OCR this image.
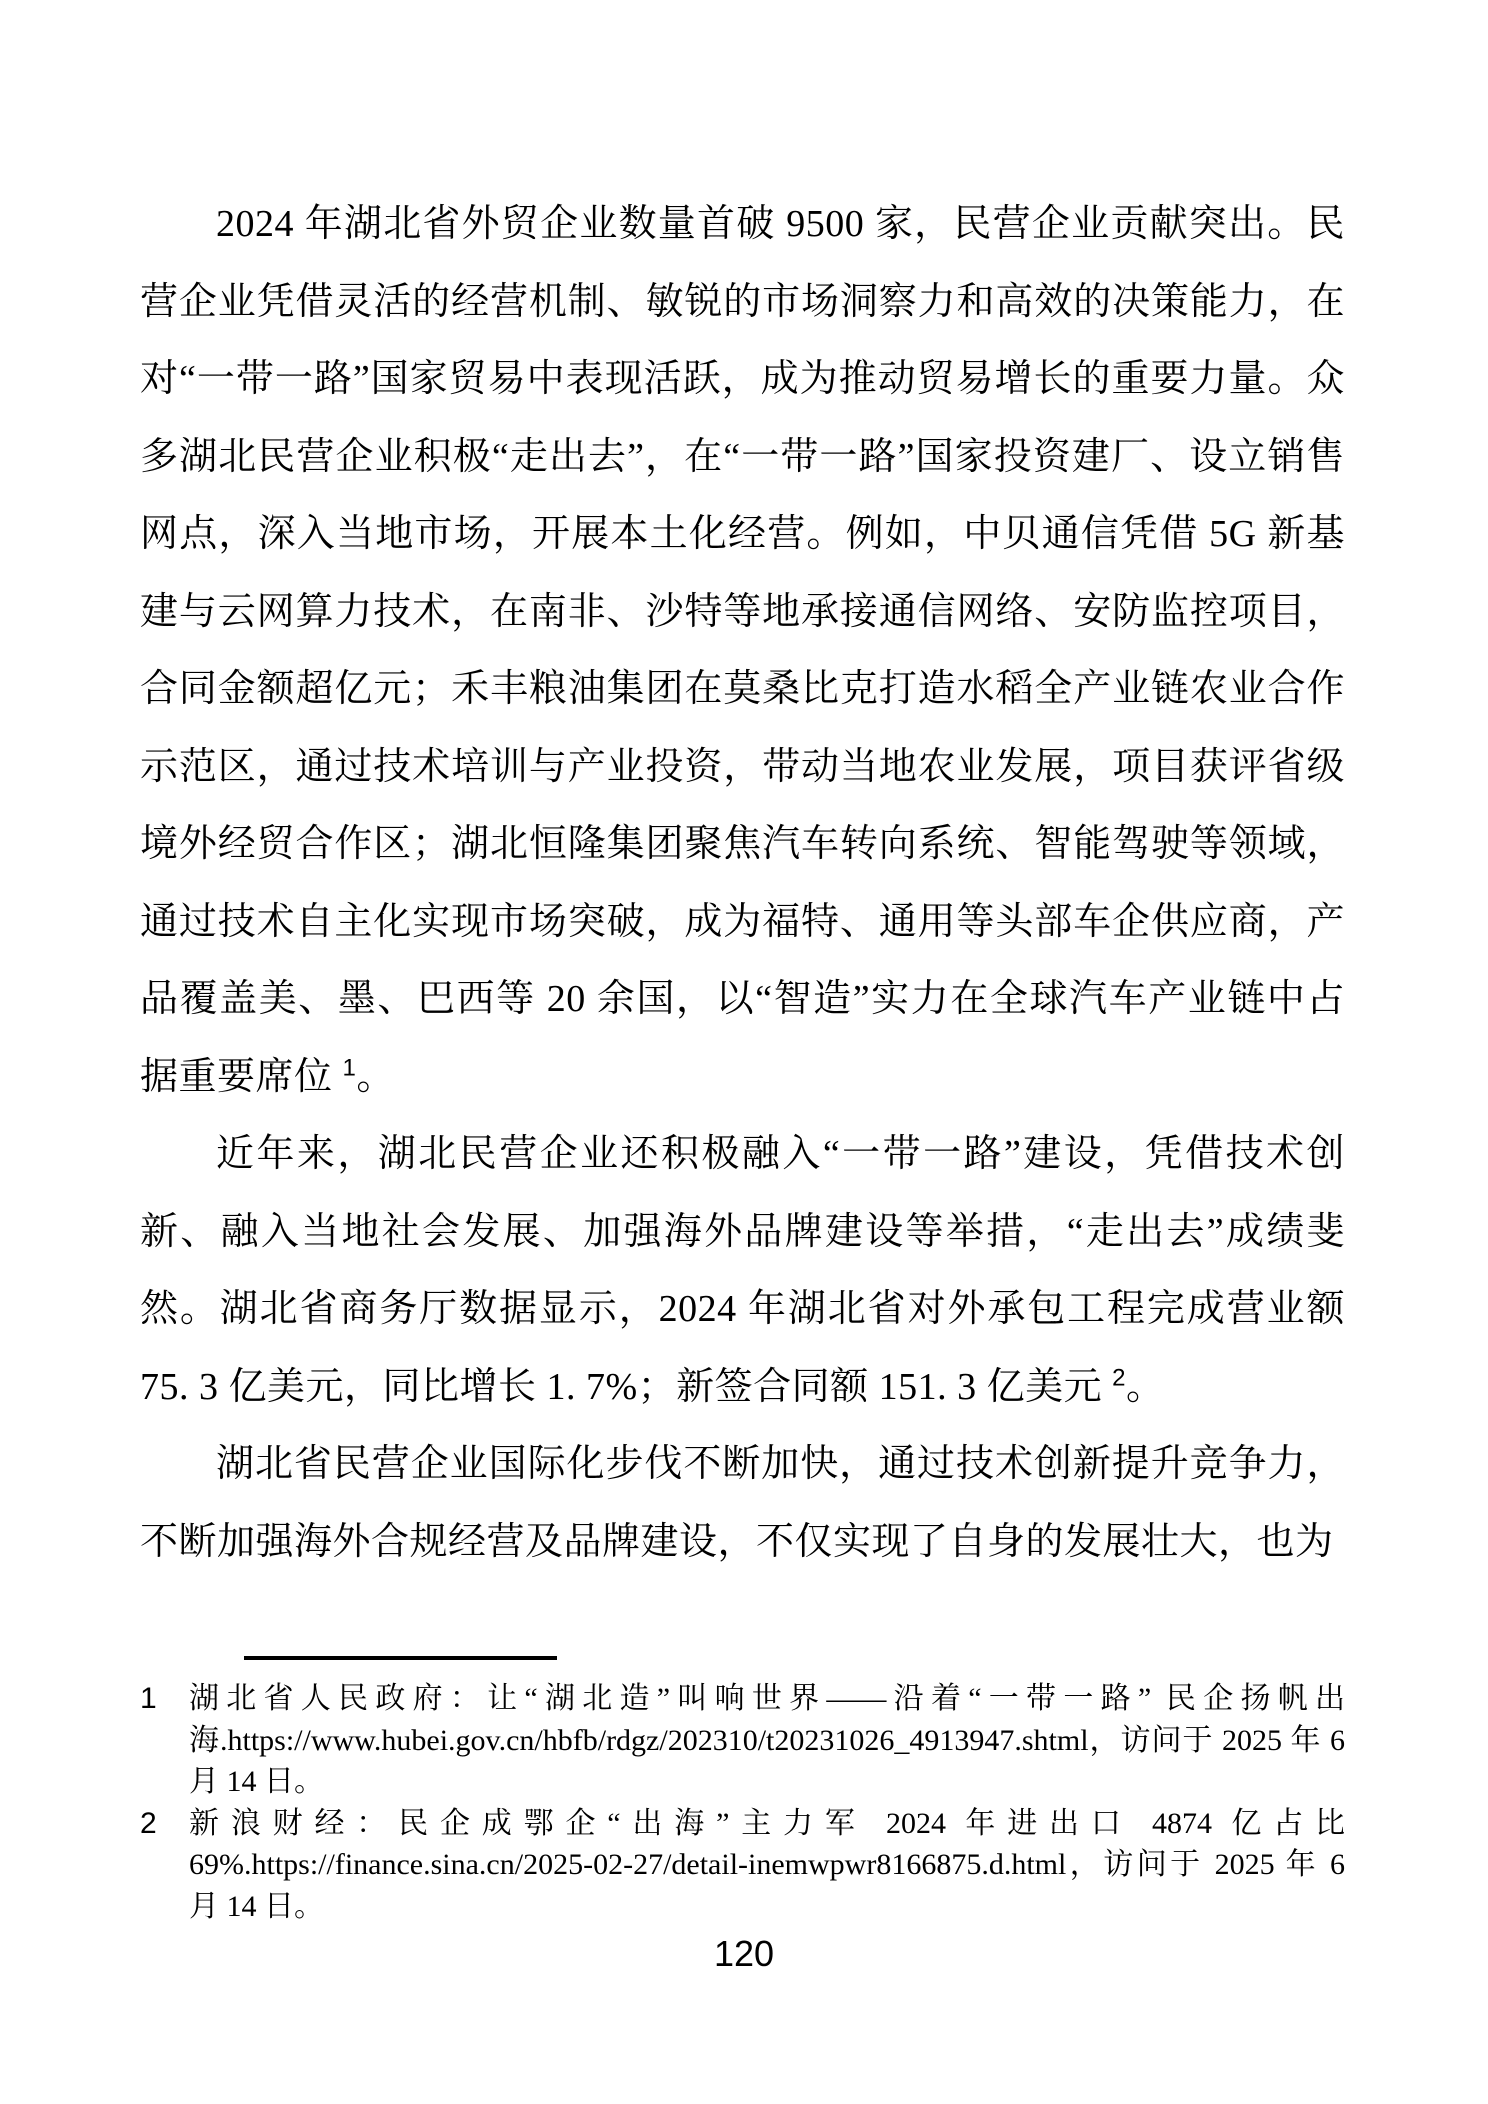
2024 年湖北省外贸企业数量首破 9500 家，民营企业贡献突出。民营企业凭借灵活的经营机制、敏锐的市场洞察力和高效的决策能力，在对“一带一路”国家贸易中表现活跃，成为推动贸易增长的重要力量。众多湖北民营企业积极“走出去”，在“一带一路”国家投资建厂、设立销售网点，深入当地市场，开展本土化经营。例如，中贝通信凭借 5G 新基建与云网算力技术，在南非、沙特等地承接通信网络、安防监控项目，合同金额超亿元；禾丰粮油集团在莫桑比克打造水稻全产业链农业合作示范区，通过技术培训与产业投资，带动当地农业发展，项目获评省级境外经贸合作区；湖北恒隆集团聚焦汽车转向系统、智能驾驶等领域，通过技术自主化实现市场突破，成为福特、通用等头部车企供应商，产品覆盖美、墨、巴西等 20 余国，以“智造”实力在全球汽车产业链中占据重要席位 $^1$。

近年来，湖北民营企业还积极融入“一带一路”建设，凭借技术创新、融入当地社会发展、加强海外品牌建设等举措，“走出去”成绩斐然。湖北省商务厅数据显示，2024 年湖北省对外承包工程完成营业额 75. 3 亿美元，同比增长 1. 7%；新签合同额 151. 3 亿美元 $^2$。

湖北省民营企业国际化步伐不断加快，通过技术创新提升竞争力，不断加强海外合规经营及品牌建设，不仅实现了自身的发展壮大，也为

1	湖北省人民政府：让“湖北造”叫响世界——沿着“一带一路” 民企扬帆出海.https://www.hubei.gov.cn/hbfb/rdgz/202310/t20231026_4913947.shtml，访问于 2025 年 6 月 14 日。
2	新浪财经：民企成鄂企“出海”主力军 2024 年进出口 4874 亿占比 69%.https://finance.sina.cn/2025-02-27/detail-inemwpwr8166875.d.html，访问于 2025 年 6 月 14 日。
120
